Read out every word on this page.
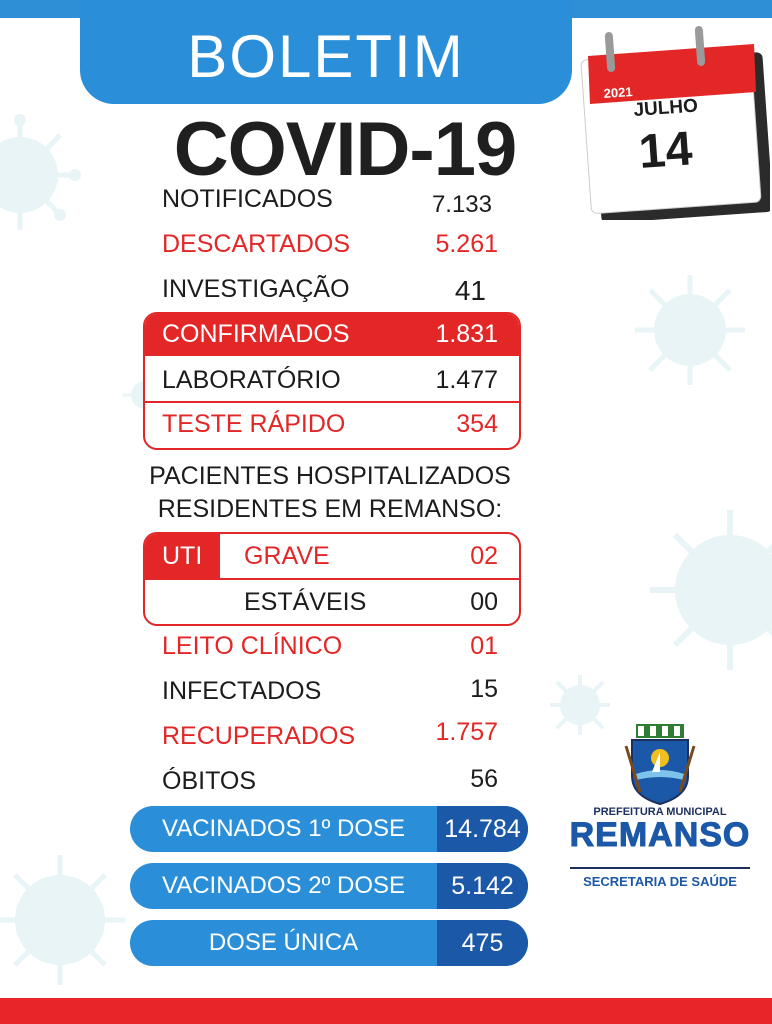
BOLETIM
COVID-19
2021
JULHO
14
NOTIFICADOS	7.133
DESCARTADOS	5.261
INVESTIGAÇÃO	41
CONFIRMADOS	1.831
LABORATÓRIO	1.477
TESTE RÁPIDO	354
PACIENTES HOSPITALIZADOS
RESIDENTES EM REMANSO:
UTI GRAVE	02
ESTÁVEIS	00
LEITO CLÍNICO	01
INFECTADOS	15
RECUPERADOS	1.757
ÓBITOS	56
VACINADOS 1º DOSE	14.784
VACINADOS 2º DOSE	5.142
DOSE ÚNICA	475
PREFEITURA MUNICIPAL
REMANSO
SECRETARIA DE SAÚDE
